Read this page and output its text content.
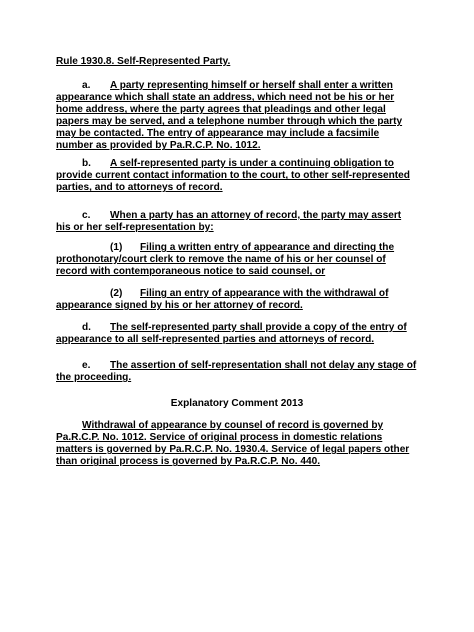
Rule 1930.8. Self-Represented Party.
a. A party representing himself or herself shall enter a written appearance which shall state an address, which need not be his or her home address, where the party agrees that pleadings and other legal papers may be served, and a telephone number through which the party may be contacted. The entry of appearance may include a facsimile number as provided by Pa.R.C.P. No. 1012.
b. A self-represented party is under a continuing obligation to provide current contact information to the court, to other self-represented parties, and to attorneys of record.
c. When a party has an attorney of record, the party may assert his or her self-representation by:
(1) Filing a written entry of appearance and directing the prothonotary/court clerk to remove the name of his or her counsel of record with contemporaneous notice to said counsel, or
(2) Filing an entry of appearance with the withdrawal of appearance signed by his or her attorney of record.
d. The self-represented party shall provide a copy of the entry of appearance to all self-represented parties and attorneys of record.
e. The assertion of self-representation shall not delay any stage of the proceeding.
Explanatory Comment 2013
Withdrawal of appearance by counsel of record is governed by Pa.R.C.P. No. 1012. Service of original process in domestic relations matters is governed by Pa.R.C.P. No. 1930.4. Service of legal papers other than original process is governed by Pa.R.C.P. No. 440.
